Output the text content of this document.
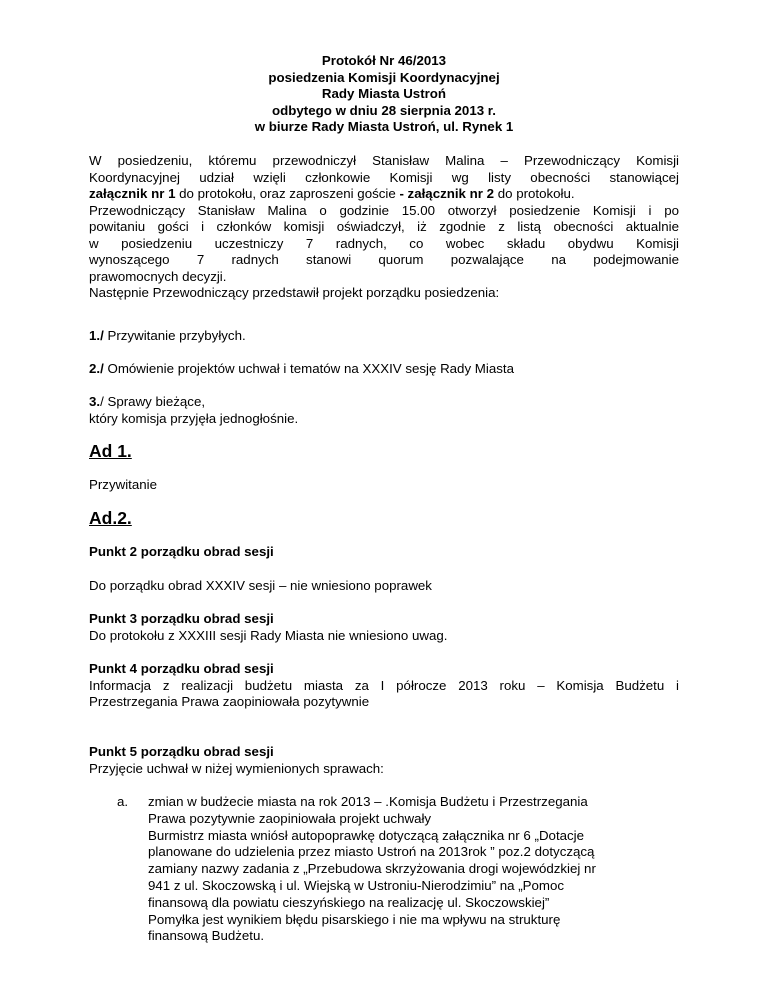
Protokół Nr 46/2013
posiedzenia Komisji Koordynacyjnej
Rady Miasta Ustroń
odbytego w dniu 28 sierpnia 2013 r.
w biurze Rady Miasta Ustroń, ul. Rynek 1
W posiedzeniu, któremu przewodniczył Stanisław Malina – Przewodniczący Komisji
Koordynacyjnej udział wzięli członkowie Komisji wg listy obecności stanowiącej
załącznik nr 1 do protokołu, oraz zaproszeni goście - załącznik nr 2 do protokołu.
Przewodniczący Stanisław Malina o godzinie 15.00 otworzył posiedzenie Komisji i po
powitaniu gości i członków komisji oświadczył, iż zgodnie z listą obecności aktualnie
w posiedzeniu uczestniczy 7 radnych, co wobec składu obydwu Komisji
wynoszącego 7 radnych stanowi quorum pozwalające na podejmowanie
prawomocnych decyzji.
Następnie Przewodniczący przedstawił projekt porządku posiedzenia:
1./ Przywitanie przybyłych.
2./ Omówienie projektów uchwał i tematów na XXXIV sesję Rady Miasta
3./ Sprawy bieżące,
który komisja przyjęła jednogłośnie.
Ad 1.
Przywitanie
Ad.2.
Punkt 2 porządku obrad sesji
Do porządku obrad XXXIV sesji – nie wniesiono poprawek
Punkt 3 porządku obrad sesji
Do protokołu z XXXIII sesji Rady Miasta nie wniesiono uwag.
Punkt 4 porządku obrad sesji
Informacja z realizacji budżetu miasta za I półrocze 2013 roku – Komisja Budżetu i
Przestrzegania Prawa zaopiniowała pozytywnie
Punkt 5 porządku obrad sesji
Przyjęcie uchwał w niżej wymienionych sprawach:
a. zmian w budżecie miasta na rok 2013 – .Komisja Budżetu i Przestrzegania
Prawa pozytywnie zaopiniowała projekt uchwały
Burmistrz miasta wniósł autopoprawkę dotyczącą załącznika nr 6 „Dotacje
planowane do udzielenia przez miasto Ustroń na 2013rok ” poz.2 dotyczącą
zamiany nazwy zadania z „Przebudowa skrzyżowania drogi wojewódzkiej nr
941 z ul. Skoczowską i ul. Wiejską w Ustroniu-Nierodzimiu” na „Pomoc
finansową dla powiatu cieszyńskiego na realizację ul. Skoczowskiej”
Pomyłka jest wynikiem błędu pisarskiego i nie ma wpływu na strukturę
finansową Budżetu.
